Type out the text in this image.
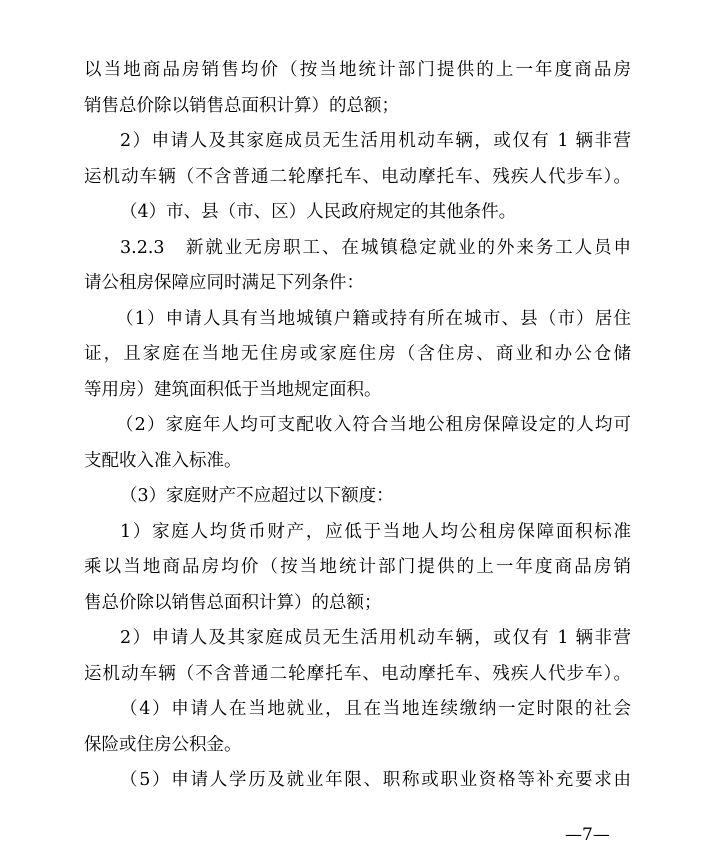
以当地商品房销售均价（按当地统计部门提供的上一年度商品房
销售总价除以销售总面积计算）的总额；
2）申请人及其家庭成员无生活用机动车辆，或仅有 1 辆非营
运机动车辆（不含普通二轮摩托车、电动摩托车、残疾人代步车）。
（4）市、县（市、区）人民政府规定的其他条件。
3.2.3　新就业无房职工、在城镇稳定就业的外来务工人员申
请公租房保障应同时满足下列条件：
（1）申请人具有当地城镇户籍或持有所在城市、县（市）居住
证，且家庭在当地无住房或家庭住房（含住房、商业和办公仓储
等用房）建筑面积低于当地规定面积。
（2）家庭年人均可支配收入符合当地公租房保障设定的人均可
支配收入准入标准。
（3）家庭财产不应超过以下额度：
1）家庭人均货币财产，应低于当地人均公租房保障面积标准
乘以当地商品房均价（按当地统计部门提供的上一年度商品房销
售总价除以销售总面积计算）的总额；
2）申请人及其家庭成员无生活用机动车辆，或仅有 1 辆非营
运机动车辆（不含普通二轮摩托车、电动摩托车、残疾人代步车）。
（4）申请人在当地就业，且在当地连续缴纳一定时限的社会
保险或住房公积金。
（5）申请人学历及就业年限、职称或职业资格等补充要求由
—7—
